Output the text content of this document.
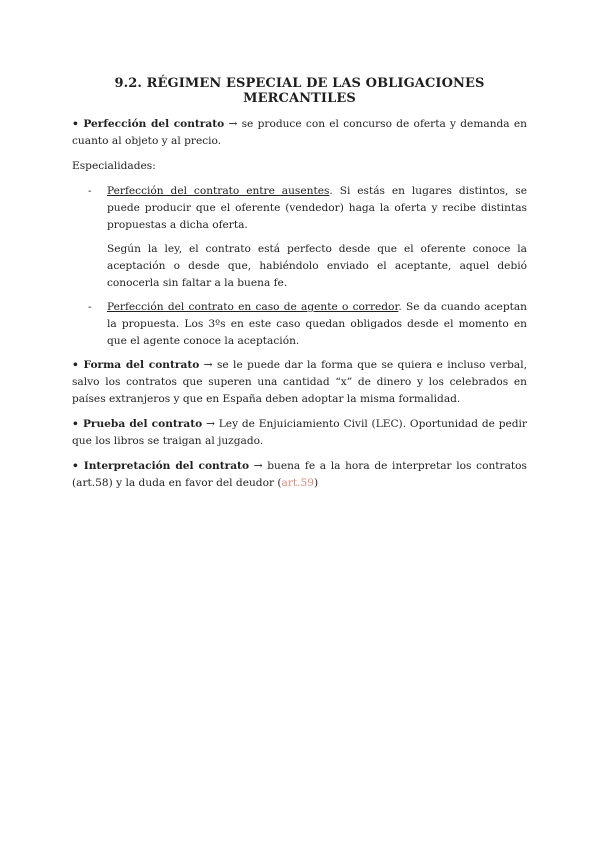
9.2. RÉGIMEN ESPECIAL DE LAS OBLIGACIONES MERCANTILES

• Perfección del contrato → se produce con el concurso de oferta y demanda en cuanto al objeto y al precio.

Especialidades:

- Perfección del contrato entre ausentes. Si estás en lugares distintos, se puede producir que el oferente (vendedor) haga la oferta y recibe distintas propuestas a dicha oferta.

Según la ley, el contrato está perfecto desde que el oferente conoce la aceptación o desde que, habiéndolo enviado el aceptante, aquel debió conocerla sin faltar a la buena fe.

- Perfección del contrato en caso de agente o corredor. Se da cuando aceptan la propuesta. Los 3ºs en este caso quedan obligados desde el momento en que el agente conoce la aceptación.

• Forma del contrato → se le puede dar la forma que se quiera e incluso verbal, salvo los contratos que superen una cantidad “x” de dinero y los celebrados en países extranjeros y que en España deben adoptar la misma formalidad.

• Prueba del contrato → Ley de Enjuiciamiento Civil (LEC). Oportunidad de pedir que los libros se traigan al juzgado.

• Interpretación del contrato → buena fe a la hora de interpretar los contratos (art.58) y la duda en favor del deudor (art.59)
